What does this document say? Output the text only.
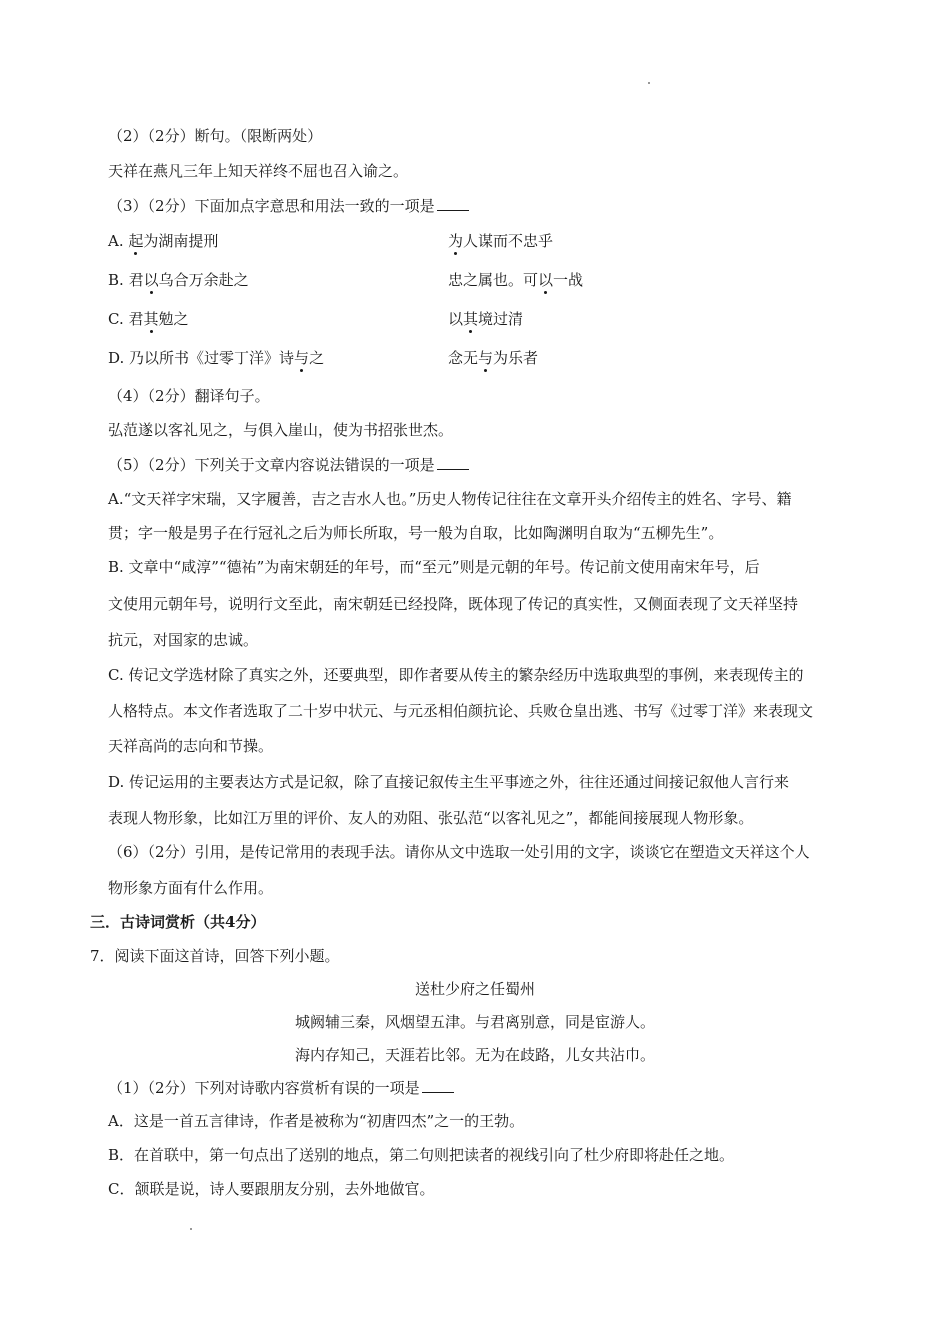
（2）（2分）断句。（限断两处）
天祥在燕凡三年上知天祥终不屈也召入谕之。
（3）（2分）下面加点字意思和用法一致的一项是
A. 起为湖南提刑	为人谋而不忠乎
B. 君以乌合万余赴之	忠之属也。可以一战
C. 君其勉之	以其境过清
D. 乃以所书《过零丁洋》诗与之	念无与为乐者
（4）（2分）翻译句子。
弘范遂以客礼见之，与俱入崖山，使为书招张世杰。
（5）（2分）下列关于文章内容说法错误的一项是
A.“文天祥字宋瑞，又字履善，吉之吉水人也。”历史人物传记往往在文章开头介绍传主的姓名、字号、籍
贯；字一般是男子在行冠礼之后为师长所取，号一般为自取，比如陶渊明自取为“五柳先生”。
B. 文章中“咸淳”“德祐”为南宋朝廷的年号，而“至元”则是元朝的年号。传记前文使用南宋年号，后
文使用元朝年号，说明行文至此，南宋朝廷已经投降，既体现了传记的真实性，又侧面表现了文天祥坚持
抗元，对国家的忠诚。
C. 传记文学选材除了真实之外，还要典型，即作者要从传主的繁杂经历中选取典型的事例，来表现传主的
人格特点。本文作者选取了二十岁中状元、与元丞相伯颜抗论、兵败仓皇出逃、书写《过零丁洋》来表现文
天祥高尚的志向和节操。
D. 传记运用的主要表达方式是记叙，除了直接记叙传主生平事迹之外，往往还通过间接记叙他人言行来
表现人物形象，比如江万里的评价、友人的劝阻、张弘范“以客礼见之”，都能间接展现人物形象。
（6）（2分）引用，是传记常用的表现手法。请你从文中选取一处引用的文字，谈谈它在塑造文天祥这个人
物形象方面有什么作用。
三．古诗词赏析（共4分）
7．阅读下面这首诗，回答下列小题。
送杜少府之任蜀州
城阙辅三秦，风烟望五津。与君离别意，同是宦游人。
海内存知己，天涯若比邻。无为在歧路，儿女共沾巾。
（1）（2分）下列对诗歌内容赏析有误的一项是
A．这是一首五言律诗，作者是被称为“初唐四杰”之一的王勃。
B．在首联中，第一句点出了送别的地点，第二句则把读者的视线引向了杜少府即将赴任之地。
C．颔联是说，诗人要跟朋友分别，去外地做官。
